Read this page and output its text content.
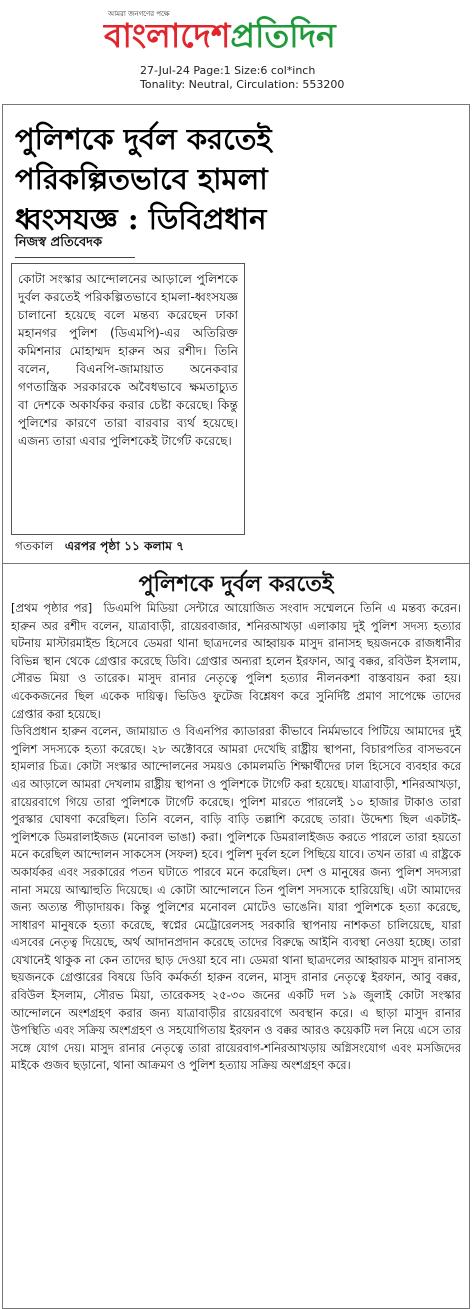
আমরা জনগণের পক্ষে
বাংলাদেশপ্রতিদিন
27-Jul-24 Page:1 Size:6 col*inch
Tonality: Neutral, Circulation: 553200
পুলিশকে দুর্বল করতেই
পরিকল্পিতভাবে হামলা
ধ্বংসযজ্ঞ : ডিবিপ্রধান
নিজস্ব প্রতিবেদক
কোটা সংস্কার আন্দোলনের আড়ালে পুলিশকে দুর্বল করতেই পরিকল্পিতভাবে হামলা-ধ্বংসযজ্ঞ চালানো হয়েছে বলে মন্তব্য করেছেন ঢাকা মহানগর পুলিশ (ডিএমপি)-এর অতিরিক্ত কমিশনার মোহাম্মদ হারুন অর রশীদ। তিনি বলেন, বিএনপি-জামায়াত অনেকবার গণতান্ত্রিক সরকারকে অবৈধভাবে ক্ষমতাচ্যুত বা দেশকে অকার্যকর করার চেষ্টা করেছে। কিন্তু পুলিশের কারণে তারা বারবার ব্যর্থ হয়েছে। এজন্য তারা এবার পুলিশকেই টার্গেট করেছে।
গতকাল এরপর পৃষ্ঠা ১১ কলাম ৭
পুলিশকে দুর্বল করতেই

[প্রথম পৃষ্ঠার পর] ডিএমপি মিডিয়া সেন্টারে আয়োজিত সংবাদ সম্মেলনে তিনি এ মন্তব্য করেন। হারুন অর রশীদ বলেন, যাত্রাবাড়ী, রায়েরবাজার, শনিরআখড়া এলাকায় দুই পুলিশ সদস্য হত্যার ঘটনায় মাস্টারমাইন্ড হিসেবে ডেমরা থানা ছাত্রদলের আহ্বায়ক মাসুদ রানাসহ ছয়জনকে রাজধানীর বিভিন্ন স্থান থেকে গ্রেপ্তার করেছে ডিবি। গ্রেপ্তার অন্যরা হলেন ইরফান, আবু বক্কর, রবিউল ইসলাম, সৌরভ মিয়া ও তারেক। মাসুদ রানার নেতৃত্বে পুলিশ হত্যার নীলনকশা বাস্তবায়ন করা হয়। একেকজনের ছিল একেক দায়িত্ব। ভিডিও ফুটেজ বিশ্লেষণ করে সুনির্দিষ্ট প্রমাণ সাপেক্ষে তাদের গ্রেপ্তার করা হয়েছে।

ডিবিপ্রধান হারুন বলেন, জামায়াত ও বিএনপির ক্যাডাররা কীভাবে নির্মমভাবে পিটিয়ে আমাদের দুই পুলিশ সদস্যকে হত্যা করেছে। ২৮ অক্টোবরে আমরা দেখেছি রাষ্ট্রীয় স্থাপনা, বিচারপতির বাসভবনে হামলার চিত্র। কোটা সংস্কার আন্দোলনের সময়ও কোমলমতি শিক্ষার্থীদের ঢাল হিসেবে ব্যবহার করে এর আড়ালে আমরা দেখলাম রাষ্ট্রীয় স্থাপনা ও পুলিশকে টার্গেট করা হয়েছে। যাত্রাবাড়ী, শনিরআখড়া, রায়েরবাগে গিয়ে তারা পুলিশকে টার্গেট করেছে। পুলিশ মারতে পারলেই ১০ হাজার টাকাও তারা পুরস্কার ঘোষণা করেছিল। তিনি বলেন, বাড়ি বাড়ি তল্লাশি করেছে তারা। উদ্দেশ্য ছিল একটাই-পুলিশকে ডিমরালাইজড (মনোবল ভাঙা) করা। পুলিশকে ডিমরালাইজড করতে পারলে তারা হয়তো মনে করেছিল আন্দোলন সাকসেস (সফল) হবে। পুলিশ দুর্বল হলে পিছিয়ে যাবে। তখন তারা এ রাষ্ট্রকে অকার্যকর এবং সরকারের পতন ঘটাতে পারবে মনে করেছিল। দেশ ও মানুষের জন্য পুলিশ সদস্যরা নানা সময়ে আত্মাহুতি দিয়েছে। এ কোটা আন্দোলনে তিন পুলিশ সদস্যকে হারিয়েছি। এটা আমাদের জন্য অত্যন্ত পীড়াদায়ক। কিন্তু পুলিশের মনোবল মোটেও ভাঙেনি। যারা পুলিশকে হত্যা করেছে, সাধারণ মানুষকে হত্যা করেছে, স্বপ্নের মেট্রোরেলসহ সরকারি স্থাপনায় নাশকতা চালিয়েছে, যারা এসবের নেতৃত্ব দিয়েছে, অর্থ আদানপ্রদান করেছে তাদের বিরুদ্ধে আইনি ব্যবস্থা নেওয়া হচ্ছে। তারা যেখানেই থাকুক না কেন তাদের ছাড় দেওয়া হবে না। ডেমরা থানা ছাত্রদলের আহ্বায়ক মাসুদ রানাসহ ছয়জনকে গ্রেপ্তারের বিষয়ে ডিবি কর্মকর্তা হারুন বলেন, মাসুদ রানার নেতৃত্বে ইরফান, আবু বক্কর, রবিউল ইসলাম, সৌরভ মিয়া, তারেকসহ ২৫-৩০ জনের একটি দল ১৯ জুলাই কোটা সংস্কার আন্দোলনে অংশগ্রহণ করার জন্য যাত্রাবাড়ীর রায়েরবাগে অবস্থান করে। এ ছাড়া মাসুদ রানার উপস্থিতি এবং সক্রিয় অংশগ্রহণ ও সহযোগিতায় ইরফান ও বক্কর আরও কয়েকটি দল নিয়ে এসে তার সঙ্গে যোগ দেয়। মাসুদ রানার নেতৃত্বে তারা রায়েরবাগ-শনিরআখড়ায় অগ্নিসংযোগ এবং মসজিদের মাইকে গুজব ছড়ানো, থানা আক্রমণ ও পুলিশ হত্যায় সক্রিয় অংশগ্রহণ করে।
